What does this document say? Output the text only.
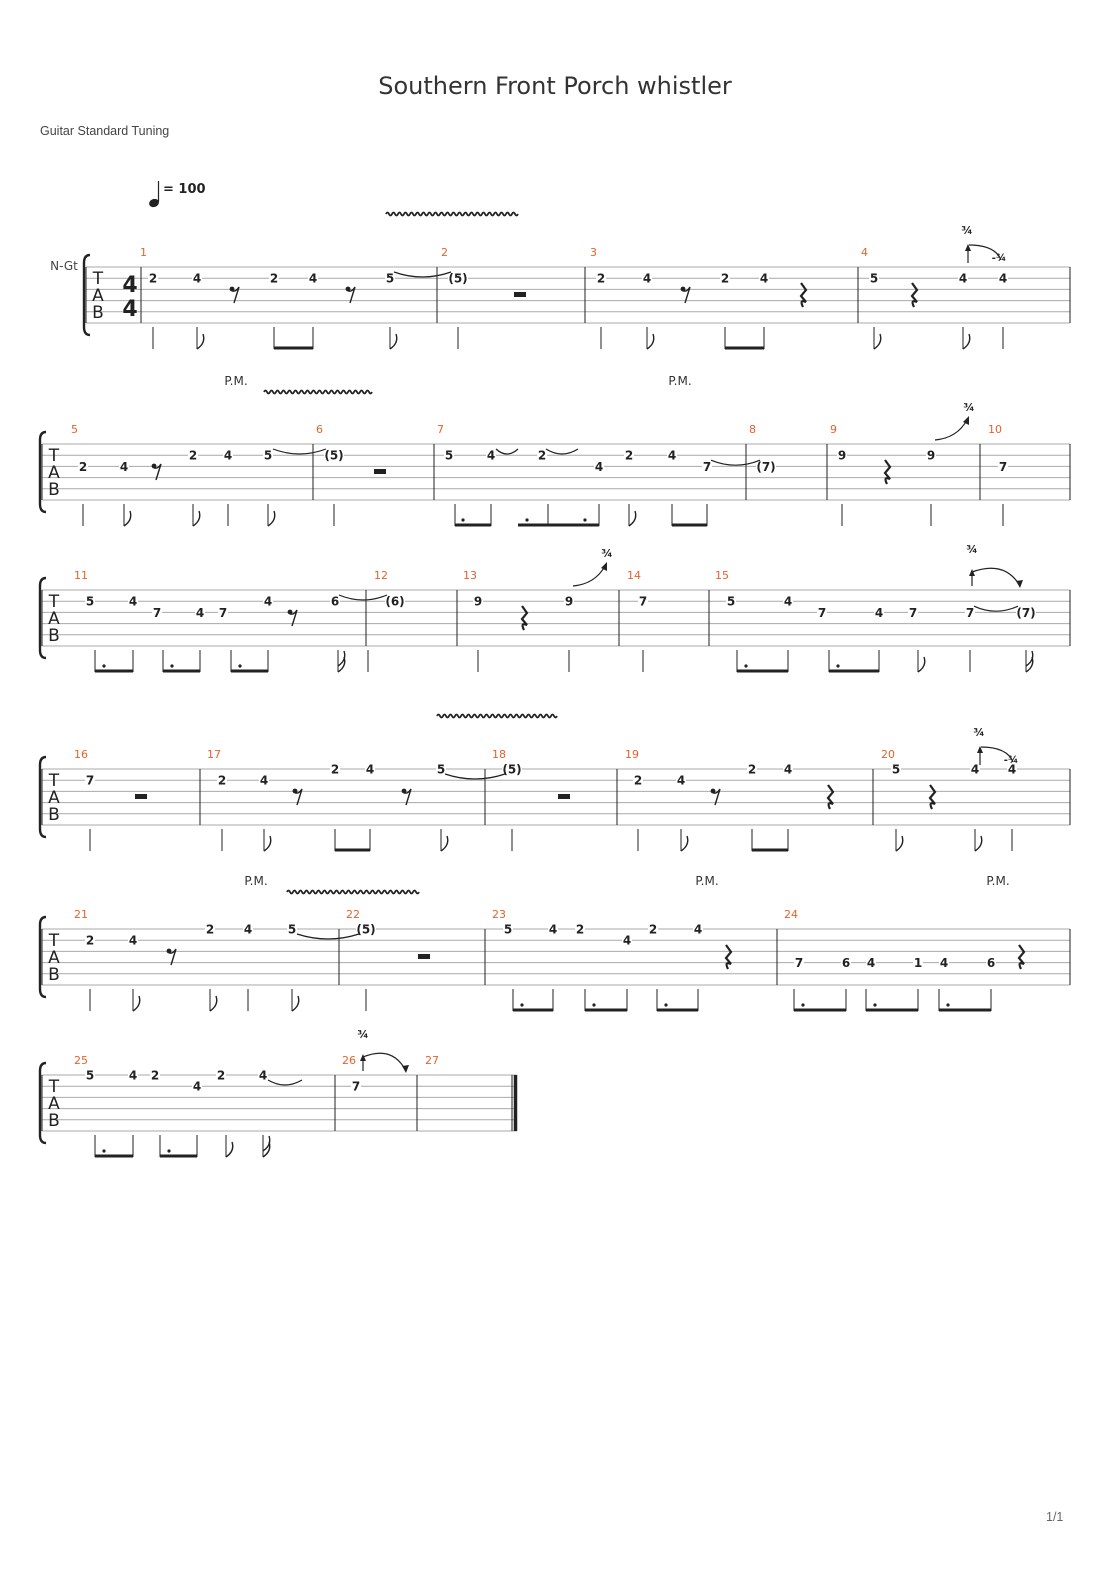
Southern Front Porch whistler
Guitar Standard Tuning
N-Gt
= 100
T
A
B
4
4
1	2	3	4
2	4	2	4	5	(5)	2	4	2	4	5	4	4
¾
-¾
T
A
B
5	6	7	8	9	10
2	4
2 4	5	(5)	5	4	2
4
2	4
7	(7)
9	9
7
P.M.	P.M.
¾
T
A
B
11	12	13	14	15
5	4
7	4 7
4	6	(6)	9	9	7	5	4
7	4 7	7	(7)
¾	¾
T
A
B
16	17	18	19	20
7	2	4
2 4	5	(5)
2	4
2 4	5	4 4
¾
-¾
T
A
B
21	22	23	24
2	4
2 4	5	(5)	5	4 2
4
2	4
7	6 4	1 4	6
P.M.	P.M.	P.M.
T
A
B
25	26	27
5	4 2
4
2	4
7
¾
1/1
